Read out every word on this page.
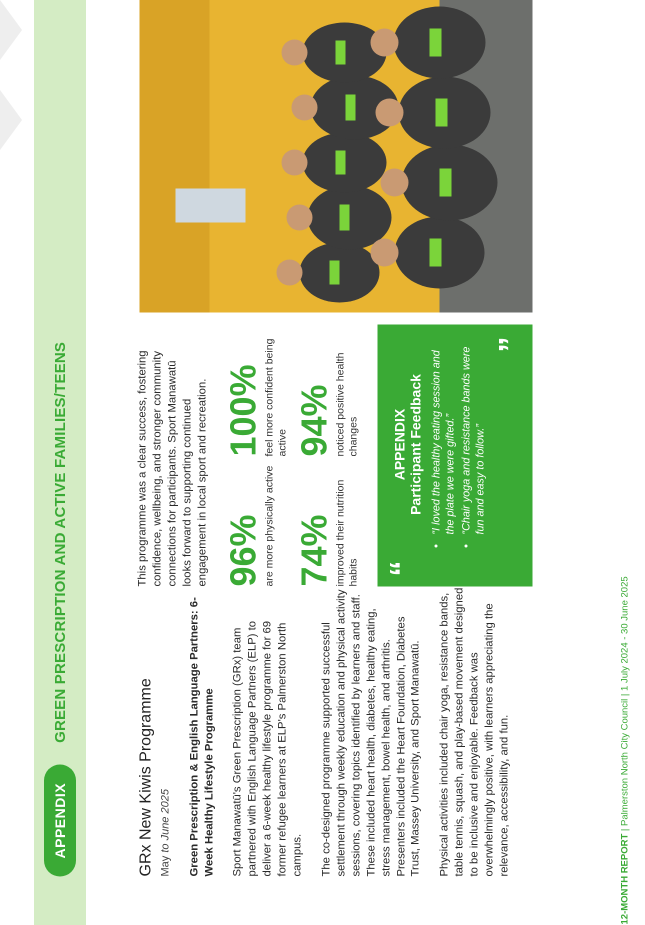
APPENDIX
GREEN PRESCRIPTION AND ACTIVE FAMILIES/TEENS
GRx New Kiwis Programme May to June 2025 Green Prescription & English Language Partners: 6-Week Healthy Lifestyle Programme Sport Manawatū's Green Prescription (GRx) team partnered with English Language Partners (ELP) to deliver a 6-week healthy lifestyle programme for 69 former refugee learners at ELP's Palmerston North campus. The co-designed programme supported successful settlement through weekly education and physical activity sessions, covering topics identified by learners and staff. These included heart health, diabetes, healthy eating, stress management, bowel health, and arthritis. Presenters included the Heart Foundation, Diabetes Trust, Massey University, and Sport Manawatū. Physical activities included chair yoga, resistance bands, table tennis, squash, and play-based movement designed to be inclusive and enjoyable. Feedback was overwhelmingly positive, with learners appreciating the relevance, accessibility, and fun.

This programme was a clear success, fostering confidence, wellbeing, and stronger community connections for participants. Sport Manawatū looks forward to supporting continued engagement in local sport and recreation. 96% are more physically active
100% feel more confident being active
74% improved their nutrition habits
94% noticed positive health changes
“
APPENDIX Participant Feedback • “I loved the healthy eating session and the plate we were gifted.” • “Chair yoga and resistance bands were fun and easy to follow.”
”
12-MONTH REPORT | Palmerston North City Council | 1 July 2024 - 30 June 2025
